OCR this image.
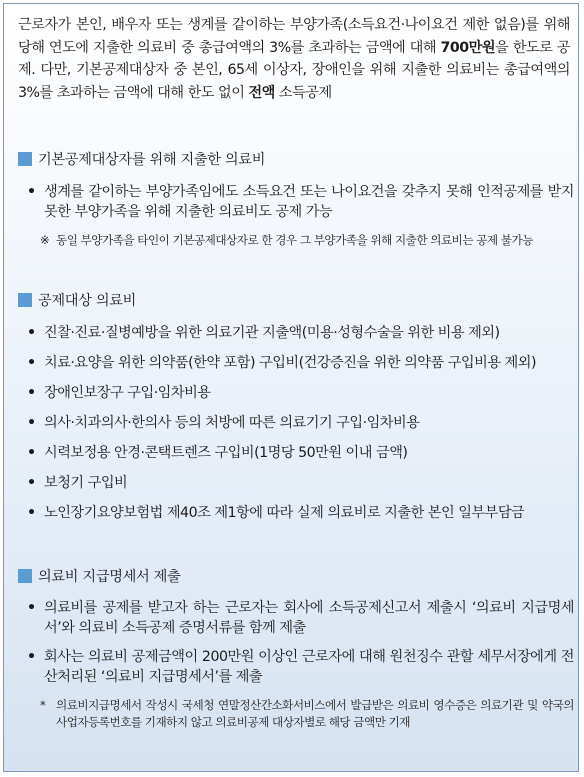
근로자가 본인, 배우자 또는 생계를 같이하는 부양가족(소득요건·나이요건 제한 없음)를 위해 당해 연도에 지출한 의료비 중 총급여액의 3%를 초과하는 금액에 대해 700만원을 한도로 공제. 다만, 기본공제대상자 중 본인, 65세 이상자, 장애인을 위해 지출한 의료비는 총급여액의 3%를 초과하는 금액에 대해 한도 없이 전액 소득공제
기본공제대상자를 위해 지출한 의료비
• 생계를 같이하는 부양가족임에도 소득요건 또는 나이요건을 갖추지 못해 인적공제를 받지 못한 부양가족을 위해 지출한 의료비도 공제 가능
※ 동일 부양가족을 타인이 기본공제대상자로 한 경우 그 부양가족을 위해 지출한 의료비는 공제 불가능
공제대상 의료비
• 진찰·진료·질병예방을 위한 의료기관 지출액(미용·성형수술을 위한 비용 제외)
• 치료·요양을 위한 의약품(한약 포함) 구입비(건강증진을 위한 의약품 구입비용 제외)
• 장애인보장구 구입·임차비용
• 의사·치과의사·한의사 등의 처방에 따른 의료기기 구입·임차비용
• 시력보정용 안경·콘택트렌즈 구입비(1명당 50만원 이내 금액)
• 보청기 구입비
• 노인장기요양보험법 제40조 제1항에 따라 실제 의료비로 지출한 본인 일부부담금
의료비 지급명세서 제출
• 의료비를 공제를 받고자 하는 근로자는 회사에 소득공제신고서 제출시 ‘의료비 지급명세서’와 의료비 소득공제 증명서류를 함께 제출
• 회사는 의료비 공제금액이 200만원 이상인 근로자에 대해 원천징수 관할 세무서장에게 전산처리된 ‘의료비 지급명세서’를 제출
* 의료비지급명세서 작성시 국세청 연말정산간소화서비스에서 발급받은 의료비 영수증은 의료기관 및 약국의 사업자등록번호를 기재하지 않고 의료비공제 대상자별로 해당 금액만 기재
